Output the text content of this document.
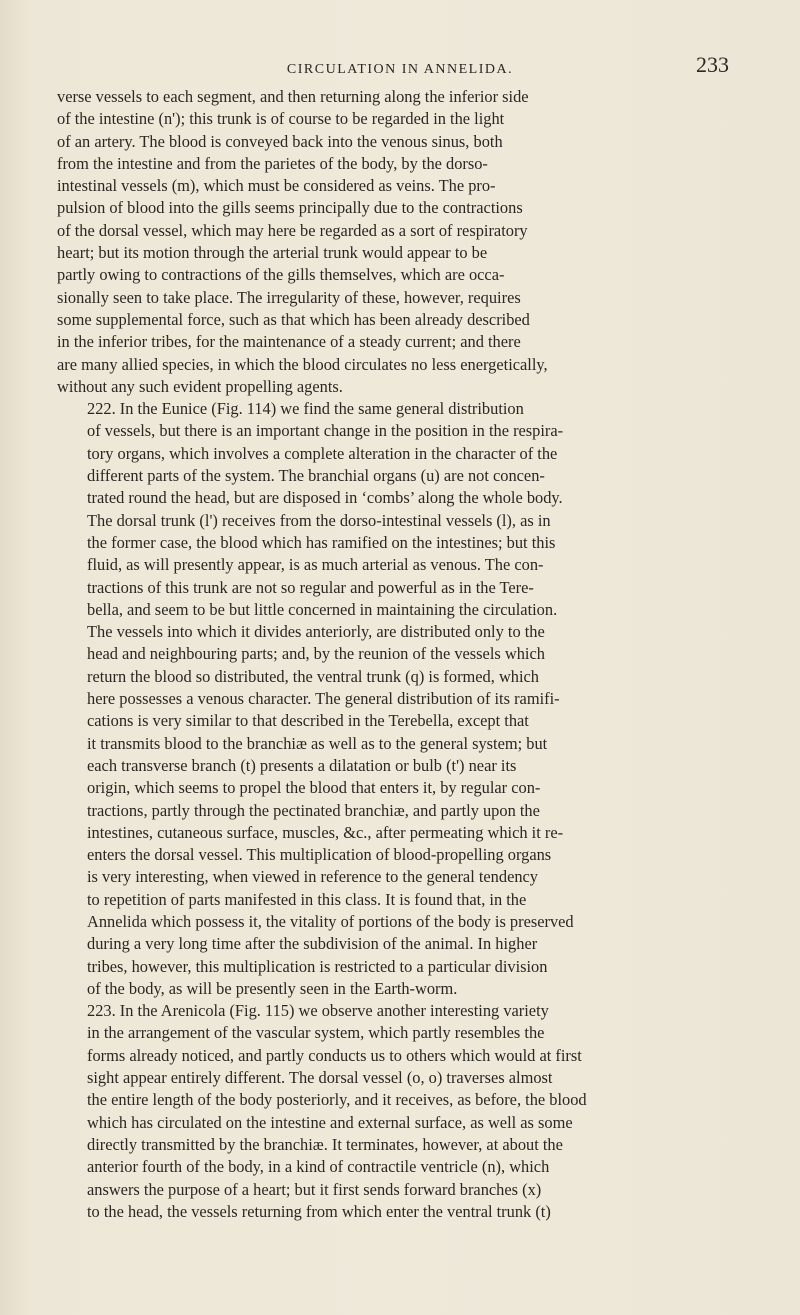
CIRCULATION IN ANNELIDA.	233

verse vessels to each segment, and then returning along the inferior side
of the intestine (n'); this trunk is of course to be regarded in the light
of an artery. The blood is conveyed back into the venous sinus, both
from the intestine and from the parietes of the body, by the dorso-
intestinal vessels (m), which must be considered as veins. The pro-
pulsion of blood into the gills seems principally due to the contractions
of the dorsal vessel, which may here be regarded as a sort of respiratory
heart; but its motion through the arterial trunk would appear to be
partly owing to contractions of the gills themselves, which are occa-
sionally seen to take place. The irregularity of these, however, requires
some supplemental force, such as that which has been already described
in the inferior tribes, for the maintenance of a steady current; and there
are many allied species, in which the blood circulates no less energetically,
without any such evident propelling agents.

222. In the Eunice (Fig. 114) we find the same general distribution
of vessels, but there is an important change in the position in the respira-
tory organs, which involves a complete alteration in the character of the
different parts of the system. The branchial organs (u) are not concen-
trated round the head, but are disposed in ‘combs’ along the whole body.
The dorsal trunk (l') receives from the dorso-intestinal vessels (l), as in
the former case, the blood which has ramified on the intestines; but this
fluid, as will presently appear, is as much arterial as venous. The con-
tractions of this trunk are not so regular and powerful as in the Tere-
bella, and seem to be but little concerned in maintaining the circulation.
The vessels into which it divides anteriorly, are distributed only to the
head and neighbouring parts; and, by the reunion of the vessels which
return the blood so distributed, the ventral trunk (q) is formed, which
here possesses a venous character. The general distribution of its ramifi-
cations is very similar to that described in the Terebella, except that
it transmits blood to the branchiæ as well as to the general system; but
each transverse branch (t) presents a dilatation or bulb (t') near its
origin, which seems to propel the blood that enters it, by regular con-
tractions, partly through the pectinated branchiæ, and partly upon the
intestines, cutaneous surface, muscles, &c., after permeating which it re-
enters the dorsal vessel. This multiplication of blood-propelling organs
is very interesting, when viewed in reference to the general tendency
to repetition of parts manifested in this class. It is found that, in the
Annelida which possess it, the vitality of portions of the body is preserved
during a very long time after the subdivision of the animal. In higher
tribes, however, this multiplication is restricted to a particular division
of the body, as will be presently seen in the Earth-worm.

223. In the Arenicola (Fig. 115) we observe another interesting variety
in the arrangement of the vascular system, which partly resembles the
forms already noticed, and partly conducts us to others which would at first
sight appear entirely different. The dorsal vessel (o, o) traverses almost
the entire length of the body posteriorly, and it receives, as before, the blood
which has circulated on the intestine and external surface, as well as some
directly transmitted by the branchiæ. It terminates, however, at about the
anterior fourth of the body, in a kind of contractile ventricle (n), which
answers the purpose of a heart; but it first sends forward branches (x)
to the head, the vessels returning from which enter the ventral trunk (t)
